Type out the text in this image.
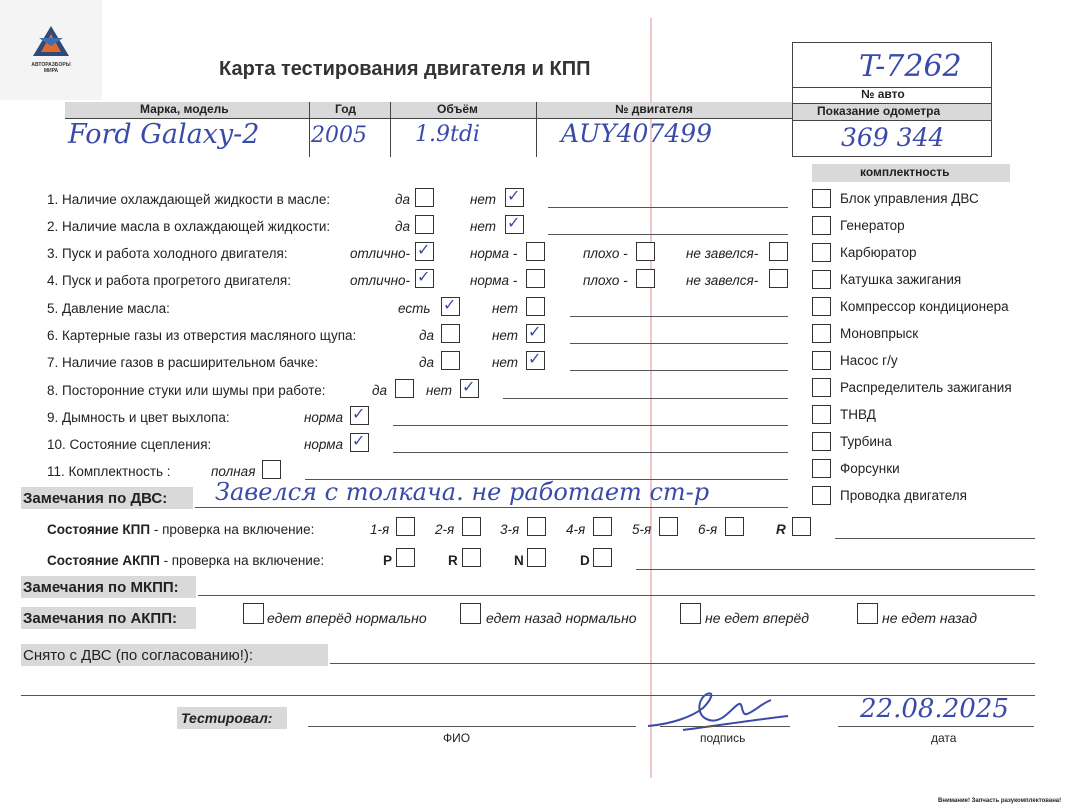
АВТОРАЗБОРЫ
МИРА	Карта тестирования двигателя и КПП
Марка, модель	Год	Объём	№ двигателя
Ford Galaxy-2 2005 1.9tdi	AUY407499
T-7262
№ авто
Показание одометра
369 344
комплектность
1. Наличие охлаждающей жидкости в масле:	да	нет ✓
2. Наличие масла в охлаждающей жидкости:	да	нет ✓
3. Пуск и работа холодного двигателя:	отлично- ✓	норма -	плохо -	не завелся-
4. Пуск и работа прогретого двигателя:	отлично- ✓	норма -	плохо -	не завелся-
5. Давление масла:	есть ✓	нет
6. Картерные газы из отверстия масляного щупа:	да	нет ✓
7. Наличие газов в расширительном бачке:	да	нет ✓
8. Посторонние стуки или шумы при работе:	да	нет ✓
9. Дымность и цвет выхлопа:	норма ✓
10. Состояние сцепления:	норма ✓
11. Комплектность :	полная
Блок управления ДВС
Генератор
Карбюратор
Катушка зажигания
Компрессор кондиционера
Моновпрыск
Насос г/у
Распределитель зажигания
ТНВД
Турбина
Форсунки
Проводка двигателя
Замечания по ДВС: Завелся с толкача. не работает ст-р
Состояние КПП - проверка на включение:	1-я	2-я	3-я	4-я	5-я	6-я	R
Состояние АКПП - проверка на включение:	P	R	N	D
Замечания по МКПП:
Замечания по АКПП:	едет вперёд нормально	едет назад нормально	не едет вперёд	не едет назад
Снято с ДВС (по согласованию!):
Тестировал:
ФИО	подпись
22.08.2025
дата
Внимание! Запчасть разукомплектована!
